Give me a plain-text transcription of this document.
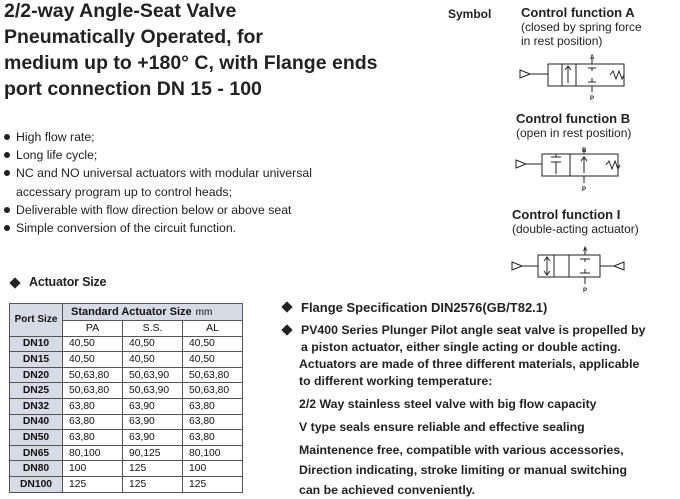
2/2-way Angle-Seat Valve
Pneumatically Operated, for
medium up to +180° C, with Flange ends
port connection DN 15 - 100
High flow rate;
Long life cycle;
NC and NO universal actuators with modular universal accessary program up to control heads;
Deliverable with flow direction below or above seat
Simple conversion of the circuit function.
Symbol Control function A
(closed by spring force
in rest position)
Control function B
(open in rest position)
Control function I
(double-acting actuator)
A
P
B
P
A
P
Actuator Size
Port Size	Standard Actuator Size mm		
	PA	S.S.	AL
DN10	40,50	40,50	40,50
DN15	40,50	40,50	40,50
DN20	50,63,80	50,63,90	50,63,80
DN25	50,63,80	50,63,90	50,63,80
DN32	63,80	63,90	63,80
DN40	63,80	63,90	63,80
DN50	63,80	63,90	63,80
DN65	80,100	90,125	80,100
DN80	100	125	100
DN100	125	125	125
Flange Specification DIN2576(GB/T82.1)
PV400 Series Plunger Pilot angle seat valve is propelled by
a piston actuator, either single acting or double acting.
Actuators are made of three different materials, applicable
to different working temperature:
2/2 Way stainless steel valve with big flow capacity
V type seals ensure reliable and effective sealing
Maintenence free, compatible with various accessories,
Direction indicating, stroke limiting or manual switching
can be achieved conveniently.
